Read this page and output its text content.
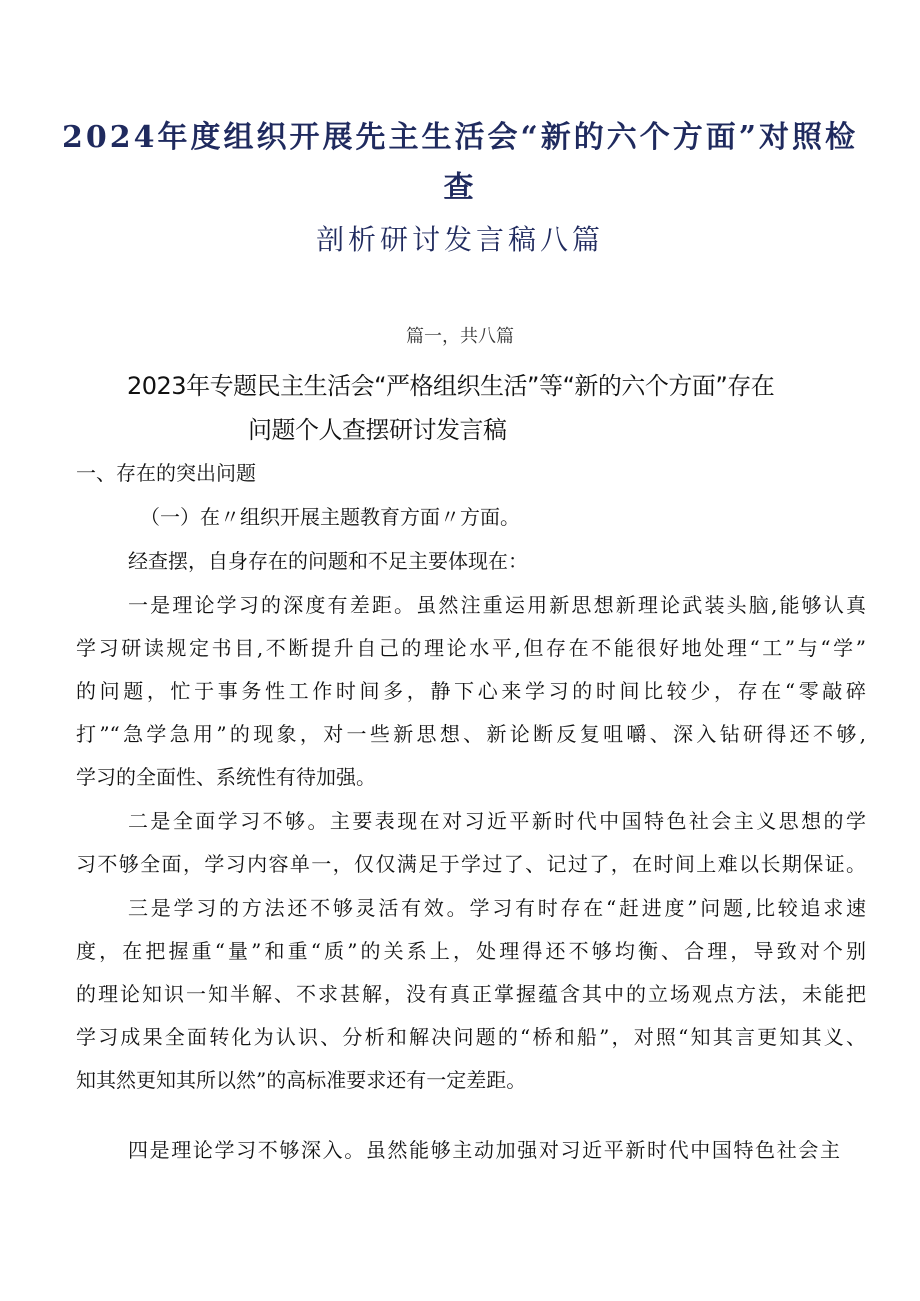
2024年度组织开展先主生活会“新的六个方面”对照检
查
剖析研讨发言稿八篇
篇一，共八篇
2023年专题民主生活会“严格组织生活”等“新的六个方面”存在
问题个人查摆研讨发言稿
一、存在的突出问题
（一）在〃组织开展主题教育方面〃方面。
经查摆，自身存在的问题和不足主要体现在：
一是理论学习的深度有差距。虽然注重运用新思想新理论武装头脑,能够认真
学习研读规定书目,不断提升自己的理论水平,但存在不能很好地处理“工”与“学”
的问题，忙于事务性工作时间多，静下心来学习的时间比较少，存在“零敲碎
打”“急学急用”的现象，对一些新思想、新论断反复咀嚼、深入钻研得还不够,
学习的全面性、系统性有待加强。
二是全面学习不够。主要表现在对习近平新时代中国特色社会主义思想的学
习不够全面，学习内容单一，仅仅满足于学过了、记过了，在时间上难以长期保证。
三是学习的方法还不够灵活有效。学习有时存在“赶进度”问题,比较追求速
度，在把握重“量”和重“质”的关系上，处理得还不够均衡、合理，导致对个别
的理论知识一知半解、不求甚解，没有真正掌握蕴含其中的立场观点方法，未能把
学习成果全面转化为认识、分析和解决问题的“桥和船”，对照“知其言更知其义、
知其然更知其所以然”的高标准要求还有一定差距。
四是理论学习不够深入。虽然能够主动加强对习近平新时代中国特色社会主
